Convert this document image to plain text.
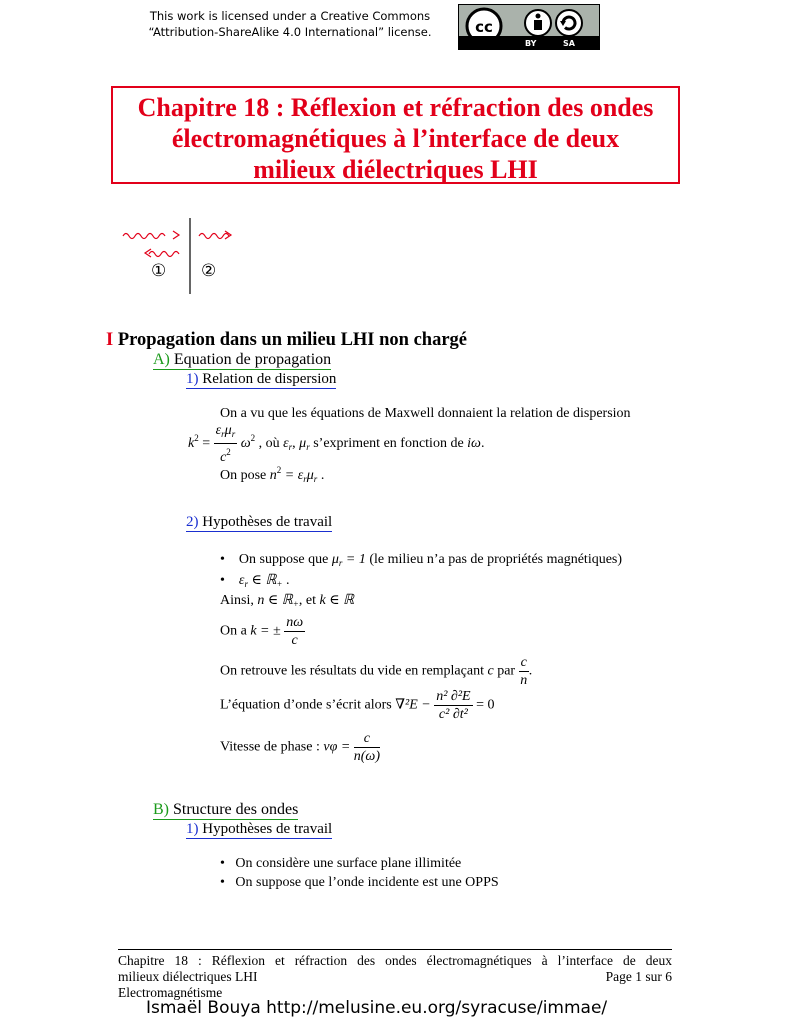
This work is licensed under a Creative Commons
“Attribution-ShareAlike 4.0 International” license.	cc
BY	SA
Chapitre 18 : Réflexion et réfraction des ondes
électromagnétiques à l’interface de deux
milieux diélectriques LHI
① ②
I Propagation dans un milieu LHI non chargé
A) Equation de propagation
1) Relation de dispersion
On a vu que les équations de Maxwell donnaient la relation de dispersion
$k^2 = \frac{\varepsilon_r\mu_r}{c^2} \omega^2$ , où $\varepsilon_r$, $\mu_r$ s’expriment en fonction de iω.
On pose $n^2 = \varepsilon_r\mu_r$ .
2) Hypothèses de travail
• On suppose que $\mu_r = 1$ (le milieu n’a pas de propriétés magnétiques)
• $\varepsilon_r$ ∈ ℝ$_+$ .
Ainsi, n ∈ ℝ$_+$, et k ∈ ℝ
On a k = ± $\frac{n\omega}{c}$
On retrouve les résultats du vide en remplaçant c par $\frac{c}{n}$ .
L’équation d’onde s’écrit alors $\nabla^2E - \frac{\text{n² ∂²E}}{\text{c² ∂t²}} = 0$
Vitesse de phase : $v\varphi = \frac{c}{n(\omega)}$
B) Structure des ondes
1) Hypothèses de travail
• On considère une surface plane illimitée
• On suppose que l’onde incidente est une OPPS
Chapitre 18 : Réflexion et réfraction des ondes électromagnétiques à l’interface de deux
milieux diélectriques LHI	Page 1 sur 6
Electromagnétisme
Ismaël Bouya http://melusine.eu.org/syracuse/immae/
